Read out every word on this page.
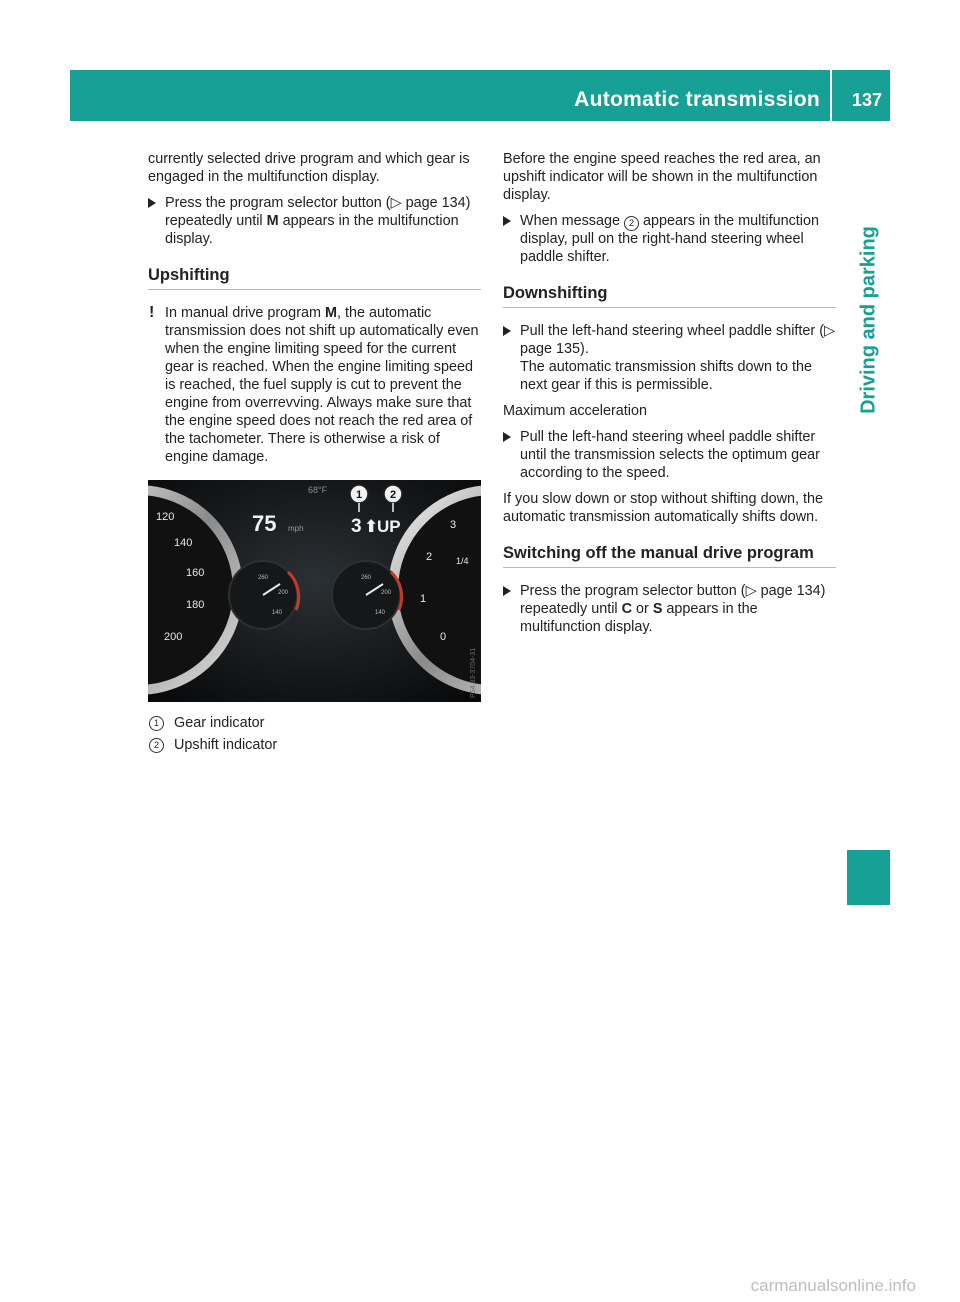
Automatic transmission 137
Driving and parking

currently selected drive program and which gear is engaged in the multifunction display.

Press the program selector button (▷ page 134) repeatedly until M appears in the multifunction display.
Upshifting
! In manual drive program M, the automatic transmission does not shift up automatically even when the engine limiting speed for the current gear is reached. When the engine limiting speed is reached, the fuel supply is cut to prevent the engine from overrevving. Always make sure that the engine speed does not reach the red area of the tachometer. There is otherwise a risk of engine damage.
120
140
160
180
200
3
2
1
0
1/4
260
200
140
260
200
140
68°F
75 mph 3 ⬆
UP
1	2
P54.33-3704-31
1	Gear indicator
2	Upshift indicator

Before the engine speed reaches the red area, an upshift indicator will be shown in the multifunction display.

When message 2 appears in the multifunction display, pull on the right-hand steering wheel paddle shifter.
Downshifting
Pull the left-hand steering wheel paddle shifter (▷ page 135).
The automatic transmission shifts down to the next gear if this is permissible.

Maximum acceleration

Pull the left-hand steering wheel paddle shifter until the transmission selects the optimum gear according to the speed.

If you slow down or stop without shifting down, the automatic transmission automatically shifts down.

Switching off the manual drive program
Press the program selector button (▷ page 134) repeatedly until C or S appears in the multifunction display.
carmanualsonline.info
